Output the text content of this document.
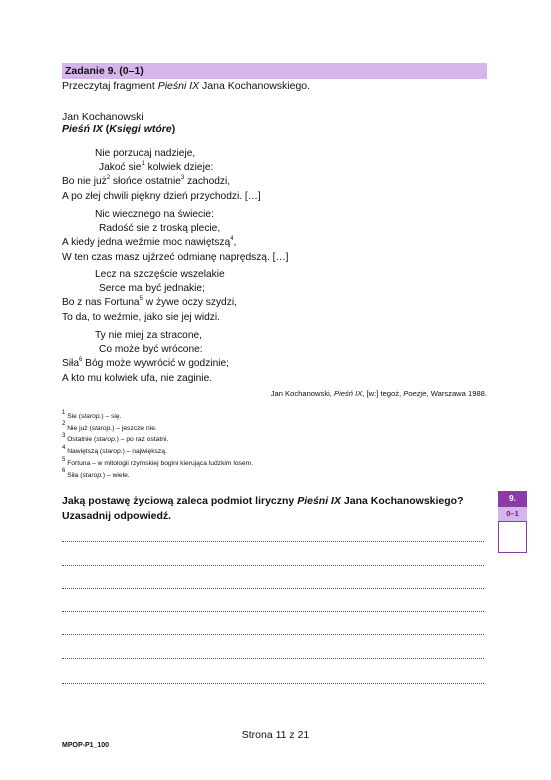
Zadanie 9. (0–1)
Przeczytaj fragment Pieśni IX Jana Kochanowskiego.
Jan Kochanowski
Pieśń IX (Księgi wtóre)
Nie porzucaj nadzieje,
Jakoć sie$^1$ kolwiek dzieje:
Bo nie już$^2$ słońce ostatnie$^3$ zachodzi,
A po złej chwili piękny dzień przychodzi. […]
Nic wiecznego na świecie:
Radość sie z troską plecie,
A kiedy jedna weźmie moc nawiętszą$^4$,
W ten czas masz ujźrzeć odmianę naprędszą. […]
Lecz na szczęście wszelakie
Serce ma być jednakie;
Bo z nas Fortuna$^5$ w żywe oczy szydzi,
To da, to weźmie, jako sie jej widzi.
Ty nie miej za stracone,
Co może być wrócone:
Siła$^6$ Bóg może wywrócić w godzinie;
A kto mu kolwiek ufa, nie zaginie.
Jan Kochanowski, Pieśń IX, [w:] tegoż, Poezje, Warszawa 1988.
$^1$ Sie (starop.) – się.
$^2$ Nie już (starop.) – jeszcze nie.
$^3$ Ostatnie (starop.) – po raz ostatni.
$^4$ Nawiętszą (starop.) – największą.
$^5$ Fortuna – w mitologii rzymskiej bogini kierująca ludzkim losem.
$^6$ Siła (starop.) – wiele.
Jaką postawę życiową zaleca podmiot liryczny Pieśni IX Jana Kochanowskiego?
Uzasadnij odpowiedź.
9.
0–1
Strona 11 z 21
MPOP-P1_100
